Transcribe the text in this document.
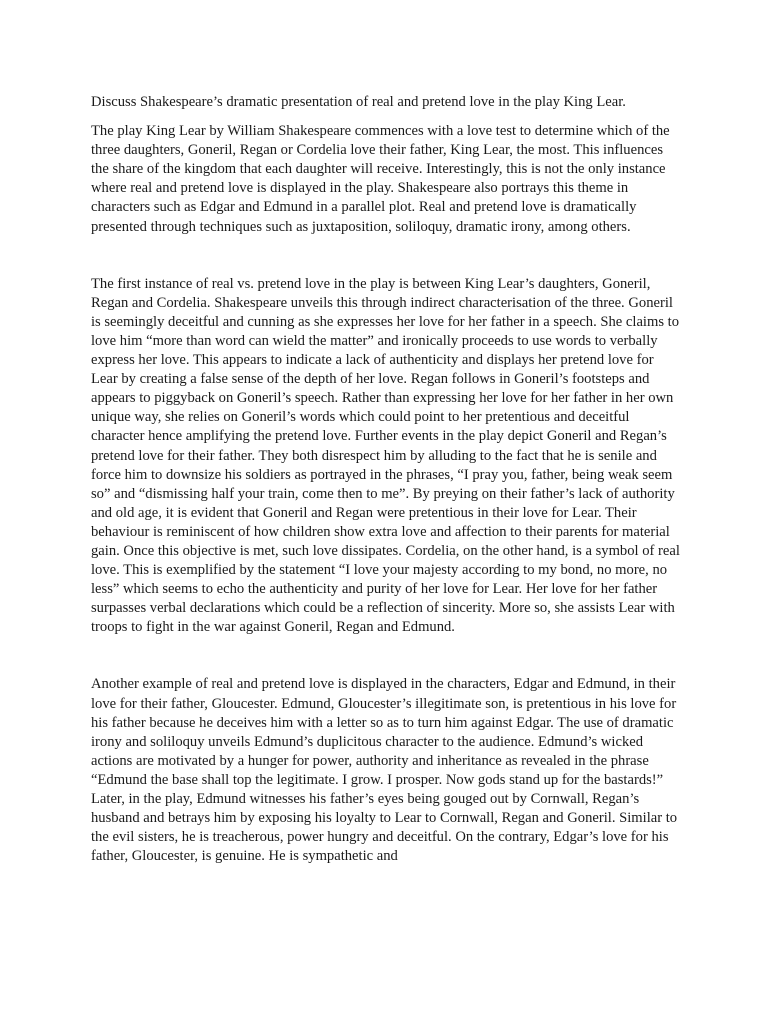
Discuss Shakespeare’s dramatic presentation of real and pretend love in the play King Lear.

The play King Lear by William Shakespeare commences with a love test to determine which of the three daughters, Goneril, Regan or Cordelia love their father, King Lear, the most. This influences the share of the kingdom that each daughter will receive. Interestingly, this is not the only instance where real and pretend love is displayed in the play. Shakespeare also portrays this theme in characters such as Edgar and Edmund in a parallel plot. Real and pretend love is dramatically presented through techniques such as juxtaposition, soliloquy, dramatic irony, among others.

The first instance of real vs. pretend love in the play is between King Lear’s daughters, Goneril, Regan and Cordelia. Shakespeare unveils this through indirect characterisation of the three. Goneril is seemingly deceitful and cunning as she expresses her love for her father in a speech. She claims to love him “more than word can wield the matter” and ironically proceeds to use words to verbally express her love. This appears to indicate a lack of authenticity and displays her pretend love for Lear by creating a false sense of the depth of her love. Regan follows in Goneril’s footsteps and appears to piggyback on Goneril’s speech. Rather than expressing her love for her father in her own unique way, she relies on Goneril’s words which could point to her pretentious and deceitful character hence amplifying the pretend love. Further events in the play depict Goneril and Regan’s pretend love for their father. They both disrespect him by alluding to the fact that he is senile and force him to downsize his soldiers as portrayed in the phrases, “I pray you, father, being weak seem so” and “dismissing half your train, come then to me”. By preying on their father’s lack of authority and old age, it is evident that Goneril and Regan were pretentious in their love for Lear. Their behaviour is reminiscent of how children show extra love and affection to their parents for material gain. Once this objective is met, such love dissipates. Cordelia, on the other hand, is a symbol of real love. This is exemplified by the statement “I love your majesty according to my bond, no more, no less” which seems to echo the authenticity and purity of her love for Lear. Her love for her father surpasses verbal declarations which could be a reflection of sincerity. More so, she assists Lear with troops to fight in the war against Goneril, Regan and Edmund.

Another example of real and pretend love is displayed in the characters, Edgar and Edmund, in their love for their father, Gloucester. Edmund, Gloucester’s illegitimate son, is pretentious in his love for his father because he deceives him with a letter so as to turn him against Edgar. The use of dramatic irony and soliloquy unveils Edmund’s duplicitous character to the audience. Edmund’s wicked actions are motivated by a hunger for power, authority and inheritance as revealed in the phrase “Edmund the base shall top the legitimate. I grow. I prosper. Now gods stand up for the bastards!” Later, in the play, Edmund witnesses his father’s eyes being gouged out by Cornwall, Regan’s husband and betrays him by exposing his loyalty to Lear to Cornwall, Regan and Goneril. Similar to the evil sisters, he is treacherous, power hungry and deceitful. On the contrary, Edgar’s love for his father, Gloucester, is genuine. He is sympathetic and
